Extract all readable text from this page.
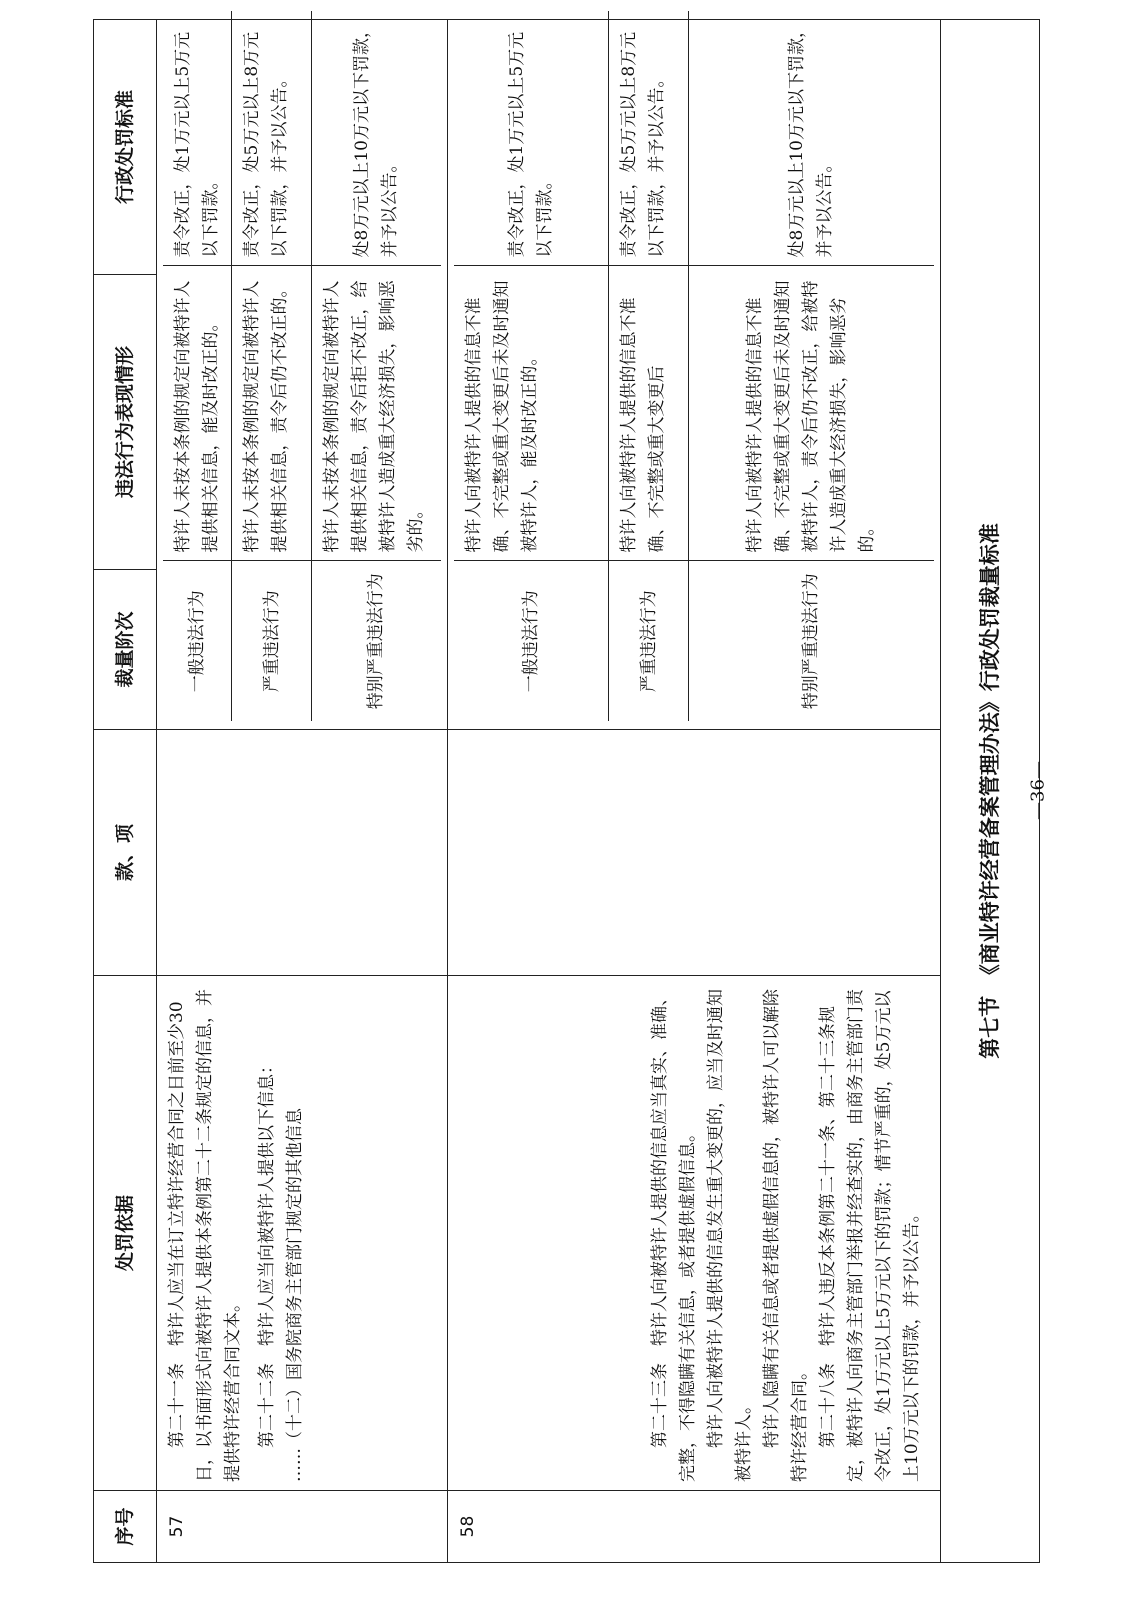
序号	处罚依据	款、项	裁量阶次	违法行为表现情形	行政处罚标准
57	

第二十一条　特许人应当在订立特许经营合同之日前至少30日，以书面形式向被特许人提供本条例第二十二条规定的信息，并提供特许经营合同文本。 第二十二条　特许人应当向被特许人提供以下信息： ……（十二）国务院商务主管部门规定的其他信息

一般违法行为	特许人未按本条例的规定向被特许人提供相关信息，能及时改正的。	责令改正，处1万元以上5万元以下罚款。
严重违法行为	特许人未按本条例的规定向被特许人提供相关信息，责令后仍不改正的。	责令改正，处5万元以上8万元以下罚款，并予以公告。
特别严重违法行为	特许人未按本条例的规定向被特许人提供相关信息，责令后拒不改正，给被特许人造成重大经济损失，影响恶劣的。	处8万元以上10万元以下罚款，并予以公告。

58	

第二十三条　特许人向被特许人提供的信息应当真实、准确、完整，不得隐瞒有关信息，或者提供虚假信息。 特许人向被特许人提供的信息发生重大变更的，应当及时通知被特许人。 特许人隐瞒有关信息或者提供虚假信息的，被特许人可以解除特许经营合同。 第二十八条　特许人违反本条例第二十一条、第二十三条规定，被特许人向商务主管部门举报并经查实的，由商务主管部门责令改正，处1万元以上5万元以下的罚款；情节严重的，处5万元以上10万元以下的罚款，并予以公告。

一般违法行为	特许人向被特许人提供的信息不准确、不完整或重大变更后未及时通知被特许人，能及时改正的。	责令改正，处1万元以上5万元以下罚款。
严重违法行为	特许人向被特许人提供的信息不准确、不完整或重大变更后	责令改正，处5万元以上8万元以下罚款，并予以公告。
特别严重违法行为	特许人向被特许人提供的信息不准确、不完整或重大变更后未及时通知被特许人，责令后仍不改正，给被特许人造成重大经济损失，影响恶劣的。	处8万元以上10万元以下罚款，并予以公告。

第七节　《商业特许经营备案管理办法》行政处罚裁量标准 —36—
